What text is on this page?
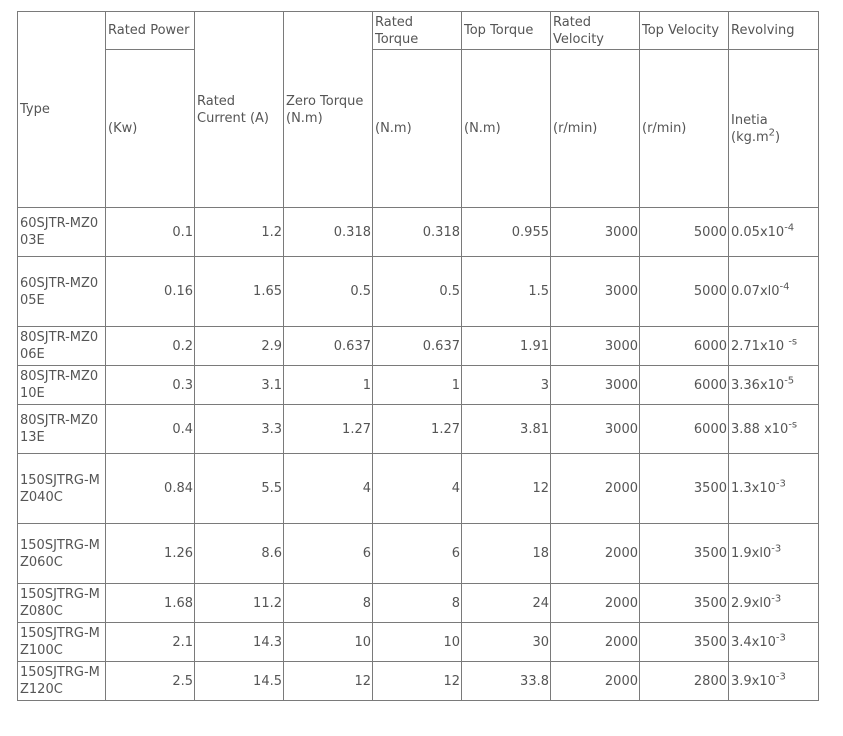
Type	Rated Power	Rated Current (A)	Zero Torque (N.m)	Rated Torque	Top Torque	Rated Velocity	Top Velocity	Revolving
	(Kw)			(N.m)	(N.m)	(r/min)	(r/min)	Inetia
$(kg.m^2)$

60SJTR-MZ003E	0.1	1.2	0.318	0.318	0.955	3000	5000	$0.05x10^{-4}$
60SJTR-MZ005E	0.16	1.65	0.5	0.5	1.5	3000	5000	$0.07xl0^{-4}$
80SJTR-MZ006E	0.2	2.9	0.637	0.637	1.91	3000	6000	2.71x10 $^{-s}$
80SJTR-MZ010E	0.3	3.1	1	1	3	3000	6000	$3.36x10^{-5}$
80SJTR-MZ013E	0.4	3.3	1.27	1.27	3.81	3000	6000	3.88 $x10^{-s}$
150SJTRG-MZ040C	0.84	5.5	4	4	12	2000	3500	$1.3x10^{-3}$
150SJTRG-MZ060C	1.26	8.6	6	6	18	2000	3500	$1.9xl0^{-3}$
150SJTRG-MZ080C	1.68	11.2	8	8	24	2000	3500	$2.9xl0^{-3}$
150SJTRG-MZ100C	2.1	14.3	10	10	30	2000	3500	$3.4x10^{-3}$
150SJTRG-MZ120C	2.5	14.5	12	12	33.8	2000	2800	$3.9x10^{-3}$
